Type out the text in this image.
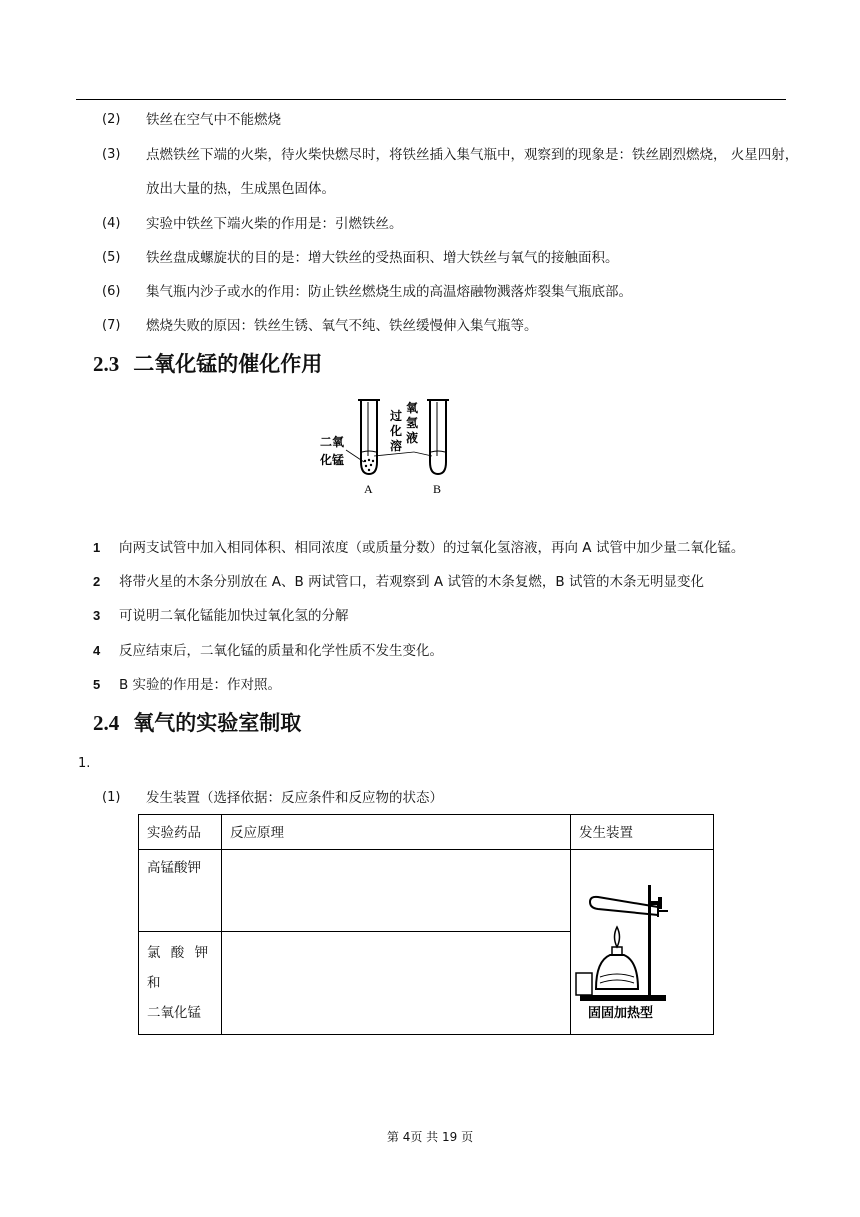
(2) 铁丝在空气中不能燃烧
(3) 点燃铁丝下端的火柴，待火柴快燃尽时，将铁丝插入集气瓶中，观察到的现象是：铁丝剧烈燃烧， 火星四射，
放出大量的热，生成黑色固体。
(4) 实验中铁丝下端火柴的作用是：引燃铁丝。
(5) 铁丝盘成螺旋状的目的是：增大铁丝的受热面积、增大铁丝与氧气的接触面积。
(6) 集气瓶内沙子或水的作用：防止铁丝燃烧生成的高温熔融物溅落炸裂集气瓶底部。
(7) 燃烧失败的原因：铁丝生锈、氧气不纯、铁丝缓慢伸入集气瓶等。
2.3 二氧化锰的催化作用
二氧
化锰
过 化 溶
氧 氢 液
A	B
1 向两支试管中加入相同体积、相同浓度（或质量分数）的过氧化氢溶液，再向 A 试管中加少量二氧化锰。
2 将带火星的木条分别放在 A、B 两试管口，若观察到 A 试管的木条复燃，B 试管的木条无明显变化
3 可说明二氧化锰能加快过氧化氢的分解
4 反应结束后，二氧化锰的质量和化学性质不发生变化。
5 B 实验的作用是：作对照。
2.4 氧气的实验室制取
1.
(1) 发生装置（选择依据：反应条件和反应物的状态）
实验药品	反应原理	发生装置
高锰酸钾		固固加热型

氯 酸 钾 和
二氧化锰		

第 4页 共 19 页
